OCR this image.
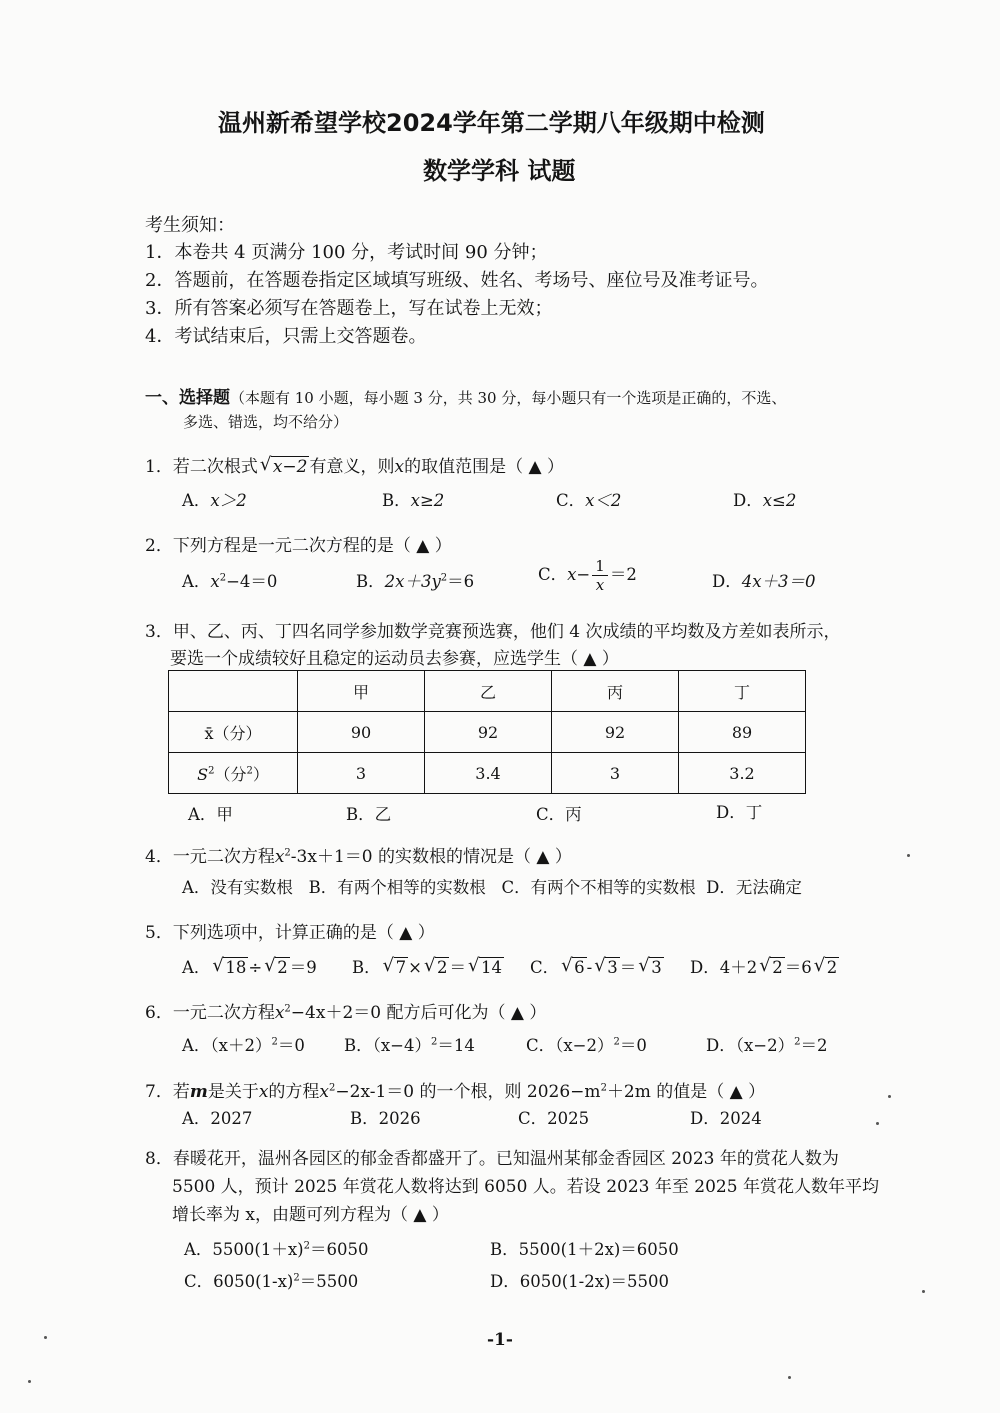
温州新希望学校2024学年第二学期八年级期中检测
数学学科 试题
考生须知：
1．本卷共 4 页满分 100 分，考试时间 90 分钟；
2．答题前，在答题卷指定区域填写班级、姓名、考场号、座位号及准考证号。
3．所有答案必须写在答题卷上，写在试卷上无效；
4．考试结束后，只需上交答题卷。
一、选择题（本题有 10 小题，每小题 3 分，共 30 分，每小题只有一个选项是正确的，不选、
多选、错选，均不给分）
1．若二次根式 √ x−2 有意义，则x的取值范围是（ ▲ ）
A．x＞2	B．x≥2	C．x＜2	D．x≤2
2．下列方程是一元二次方程的是（ ▲ ）
A．$x^2-4=0$	B．$2x+3y^2=6$	C．$x- \frac{1}{x} =2$	D．4x＋3＝0
3．甲、乙、丙、丁四名同学参加数学竞赛预选赛，他们 4 次成绩的平均数及方差如表所示，
要选一个成绩较好且稳定的运动员去参赛，应选学生（ ▲ ）
	甲	乙	丙	丁
x̄（分）	90	92	92	89
$S^2$（分$^2$）	3	3.4	3	3.2
A．甲	B．乙	C．丙	D．丁
4．一元二次方程$x^2-3x+1=0$ 的实数根的情况是（ ▲ ）
A．没有实数根   B．有两个相等的实数根   C．有两个不相等的实数根  D．无法确定
5．下列选项中，计算正确的是（ ▲ ）
A． √ 18 ÷ √ 2 ＝9 B． √ 7 × √ 2 ＝ √ 14 C． √ 6 - √ 3 ＝ √ 3 D．4＋2 √ 2 ＝6 √ 2
6．一元二次方程$x^2-4x+2=0$ 配方后可化为（ ▲ ）
A．$(x+2)^2=0$ B．$(x-4)^2=14$	C．$(x-2)^2=0$	D．$(x-2)^2=2$
7．若m是关于x的方程$x^2-2x-1=0$ 的一个根，则 $2026-m^2+2m$ 的值是（ ▲ ）
A．2027	B．2026	C．2025	D．2024
8．春暖花开，温州各园区的郁金香都盛开了。已知温州某郁金香园区 2023 年的赏花人数为
5500 人，预计 2025 年赏花人数将达到 6050 人。若设 2023 年至 2025 年赏花人数年平均
增长率为 x，由题可列方程为（ ▲ ）
A．$5500(1+x)^2=6050$	B．5500(1＋2x)＝6050
C．$6050(1-x)^2=5500$	D．6050(1-2x)＝5500
-1-
